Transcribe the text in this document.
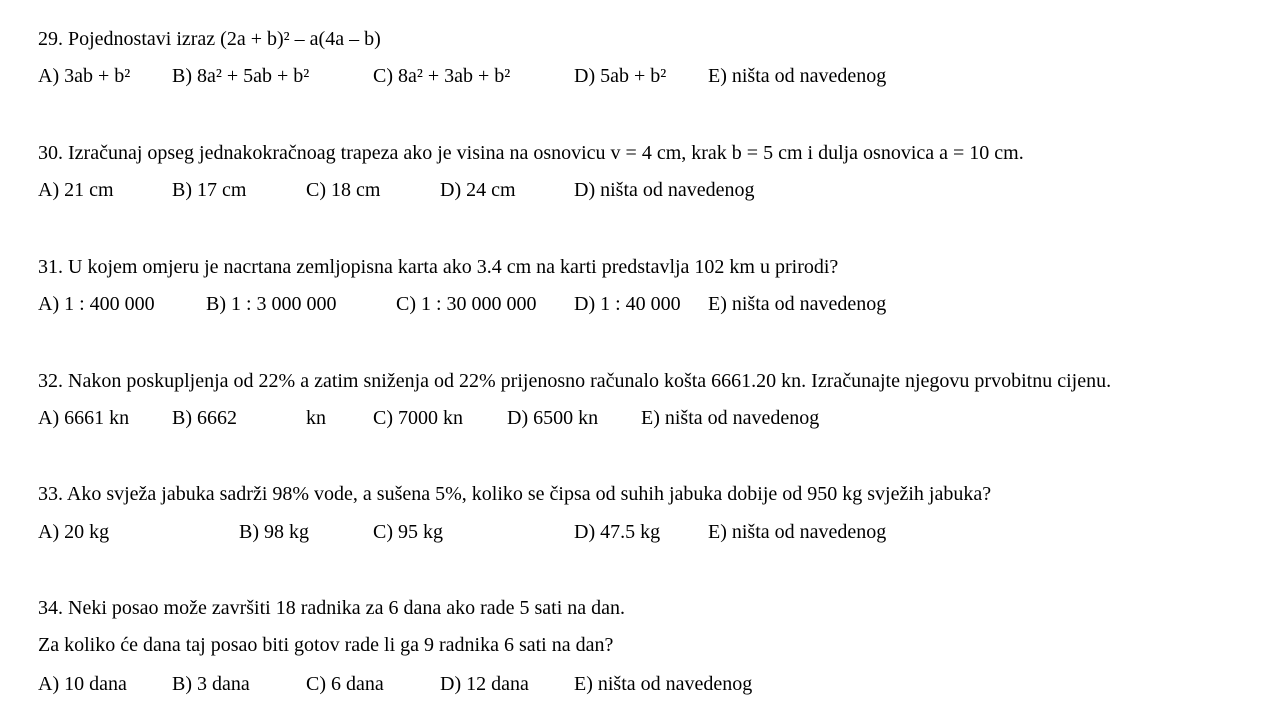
29. Pojednostavi izraz (2a + b)² – a(4a – b)
A) 3ab + b² B) 8a² + 5ab + b²	C) 8a² + 3ab + b²	D) 5ab + b² E) ništa od navedenog
30. Izračunaj opseg jednakokračnoag trapeza ako je visina na osnovicu v = 4 cm, krak b = 5 cm i dulja osnovica a = 10 cm.
A) 21 cm	B) 17 cm	C) 18 cm	D) 24 cm	D) ništa od navedenog
31. U kojem omjeru je nacrtana zemljopisna karta ako 3.4 cm na karti predstavlja 102 km u prirodi?
A) 1 : 400 000	B) 1 : 3 000 000	C) 1 : 30 000 000 D) 1 : 40 000 E) ništa od navedenog
32. Nakon poskupljenja od 22% a zatim sniženja od 22% prijenosno računalo košta 6661.20 kn. Izračunajte njegovu prvobitnu cijenu.
A) 6661 kn B) 6662	kn C) 7000 kn D) 6500 kn E) ništa od navedenog
33. Ako svježa jabuka sadrži 98% vode, a sušena 5%, koliko se čipsa od suhih jabuka dobije od 950 kg svježih jabuka?
A) 20 kg	B) 98 kg	C) 95 kg	D) 47.5 kg E) ništa od navedenog
34. Neki posao može završiti 18 radnika za 6 dana ako rade 5 sati na dan.
Za koliko će dana taj posao biti gotov rade li ga 9 radnika 6 sati na dan?
A) 10 dana B) 3 dana	C) 6 dana	D) 12 dana E) ništa od navedenog
